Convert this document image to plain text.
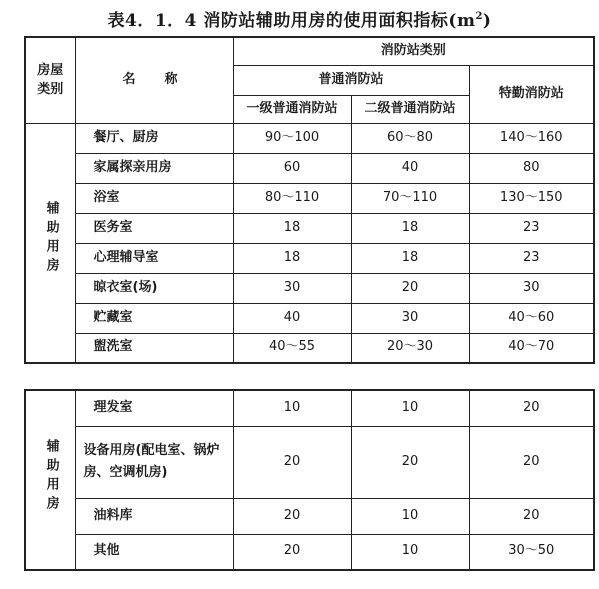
表4．1．4 消防站辅助用房的使用面积指标$(m^2)$
房屋类别	名　称	消防站类别		
		普通消防站		特勤消防站
		一级普通消防站	二级普通消防站	
辅助用房	餐厅、厨房	90～100	60～80	140～160
	家属探亲用房	60	40	80
	浴室	80～110	70～110	130～150
	医务室	18	18	23
	心理辅导室	18	18	23
	晾衣室(场)	30	20	30
	贮藏室	40	30	40～60
	盥洗室	40～55	20～30	40～70
辅助用房	理发室	10	10	20
	设备用房(配电室、锅炉房、空调机房)	20	20	20
	油料库	20	10	20
	其他	20	10	30～50
